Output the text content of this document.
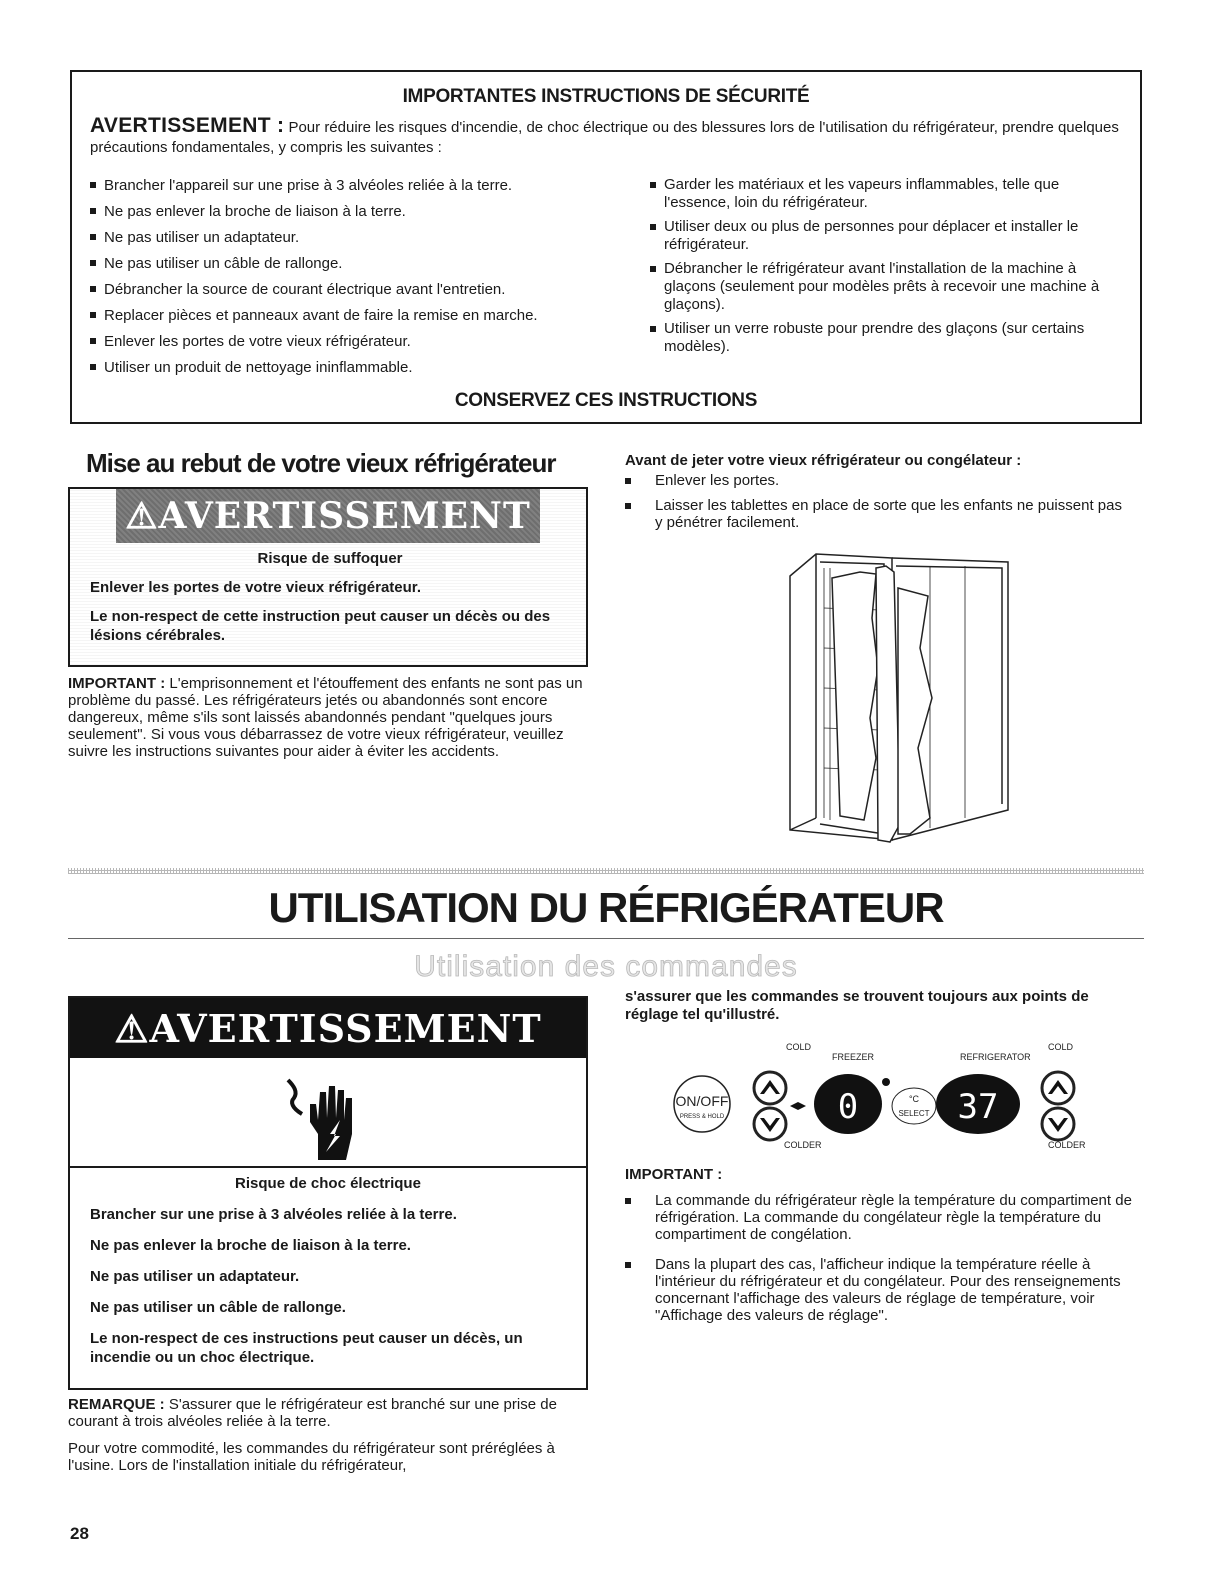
IMPORTANTES INSTRUCTIONS DE SÉCURITÉ
AVERTISSEMENT : Pour réduire les risques d'incendie, de choc électrique ou des blessures lors de l'utilisation du réfrigérateur, prendre quelques précautions fondamentales, y compris les suivantes :
Brancher l'appareil sur une prise à 3 alvéoles reliée à la terre.
Ne pas enlever la broche de liaison à la terre.
Ne pas utiliser un adaptateur.
Ne pas utiliser un câble de rallonge.
Débrancher la source de courant électrique avant l'entretien.
Replacer pièces et panneaux avant de faire la remise en marche.
Enlever les portes de votre vieux réfrigérateur.
Utiliser un produit de nettoyage ininflammable.
Garder les matériaux et les vapeurs inflammables, telle que l'essence, loin du réfrigérateur.
Utiliser deux ou plus de personnes pour déplacer et installer le réfrigérateur.
Débrancher le réfrigérateur avant l'installation de la machine à glaçons (seulement pour modèles prêts à recevoir une machine à glaçons).
Utiliser un verre robuste pour prendre des glaçons (sur certains modèles).
CONSERVEZ CES INSTRUCTIONS
Mise au rebut de votre vieux réfrigérateur
⚠AVERTISSEMENT

Risque de suffoquer

Enlever les portes de votre vieux réfrigérateur.

Le non-respect de cette instruction peut causer un décès ou des lésions cérébrales.

IMPORTANT : L'emprisonnement et l'étouffement des enfants ne sont pas un problème du passé. Les réfrigérateurs jetés ou abandonnés sont encore dangereux, même s'ils sont laissés abandonnés pendant "quelques jours seulement". Si vous vous débarrassez de votre vieux réfrigérateur, veuillez suivre les instructions suivantes pour aider à éviter les accidents.
Avant de jeter votre vieux réfrigérateur ou congélateur :
Enlever les portes.
Laisser les tablettes en place de sorte que les enfants ne puissent pas y pénétrer facilement.
UTILISATION DU RÉFRIGÉRATEUR
Utilisation des commandes
⚠AVERTISSEMENT

Risque de choc électrique

Brancher sur une prise à 3 alvéoles reliée à la terre.

Ne pas enlever la broche de liaison à la terre.

Ne pas utiliser un adaptateur.

Ne pas utiliser un câble de rallonge.

Le non-respect de ces instructions peut causer un décès, un incendie ou un choc électrique.

REMARQUE : S'assurer que le réfrigérateur est branché sur une prise de courant à trois alvéoles reliée à la terre.
Pour votre commodité, les commandes du réfrigérateur sont préréglées à l'usine. Lors de l'installation initiale du réfrigérateur,
s'assurer que les commandes se trouvent toujours aux points de réglage tel qu'illustré.
COLD
FREEZER	REFRIGERATOR
COLD
COLDER	COLDER
ON/OFF
PRESS & HOLD	0	°C
SELECT 37
IMPORTANT :
La commande du réfrigérateur règle la température du compartiment de réfrigération. La commande du congélateur règle la température du compartiment de congélation.
Dans la plupart des cas, l'afficheur indique la température réelle à l'intérieur du réfrigérateur et du congélateur. Pour des renseignements concernant l'affichage des valeurs de réglage de température, voir "Affichage des valeurs de réglage".
28
